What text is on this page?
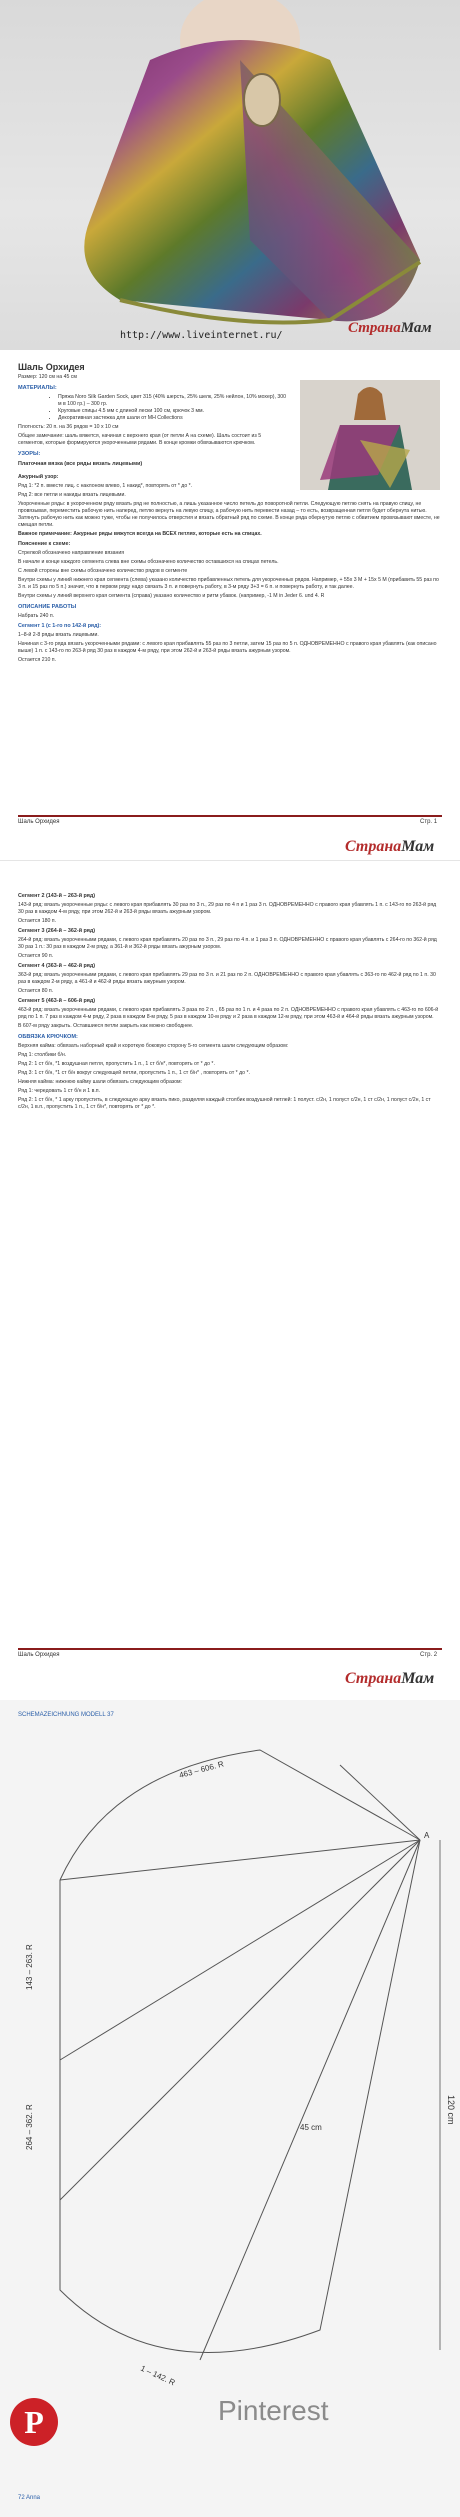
http://www.liveinternet.ru/	СтранаМам
Шаль Орхидея

Размер: 120 см на 45 см

МАТЕРИАЛЫ:
• Пряжа Noro Silk Garden Sock, цвет 315 (40% шерсть, 25% шелк, 25% нейлон, 10% мохер), 300 м в 100 гр.) – 300 гр.
• Круговые спицы 4.5 мм с длиной лески 100 см, крючок 3 мм.
• Декоративная застежка для шали от MH Collections

Плотность: 20 п. на 36 рядов = 10 х 10 см

Общее замечание: шаль вяжется, начиная с верхнего края (от петли А на схеме). Шаль состоит из 5 сегментов, которые формируются укороченными рядами. В конце кромки обвязываются крючком.

УЗОРЫ:
Платочная вязка (все ряды вязать лицевыми)
Ажурный узор:

Ряд 1: *2 п. вместе лиц. с наклоном влево, 1 накид*, повторять от * до *.

Ряд 2: все петли и накиды вязать лицевыми.

Укороченные ряды: в укороченном ряду вязать ряд не полностью, а лишь указанное число петель до поворотной петли. Следующую петлю снять на правую спицу, не провязывая, переместить рабочую нить наперед, петлю вернуть на левую спицу, а рабочую нить перевести назад – то есть, возвращенная петля будет обернута нитью. Затянуть рабочую нить как можно туже, чтобы не получилось отверстия и вязать обратный ряд по схеме. В конце ряда обернутую петлю с обвитием провязывают вместе, не смещая петли.

Важное примечание: Ажурные ряды вяжутся всегда на ВСЕХ петлях, которые есть на спицах.

Пояснение к схеме:

Стрелкой обозначено направление вязания

В начале и конце каждого сегмента слева вне схемы обозначено количество оставшихся на спицах петель.

С левой стороны вне схемы обозначено количество рядов в сегменте

Внутри схемы у линий нижнего края сегмента (слева) указано количество прибавленных петель для укороченных рядов. Например, + 55х 3 М + 15х 5 М (прибавить 55 раз по 3 п. и 15 раз по 5 п.) значит, что в первом ряду надо связать 3 п. и повернуть работу, в 3-м ряду 3+3 = 6 п. и повернуть работу, и так далее.

Внутри схемы у линий верхнего края сегмента (справа) указано количество и ритм убавок. (например, -1 М in Jeder 6. und 4. R

ОПИСАНИЕ РАБОТЫ

Набрать 240 п.

Сегмент 1 (с 1-го по 142-й ряд):

1–8-й 2-8 ряды вязать лицевыми.

Начиная с 3-го ряда вязать укороченными рядами: с левого края прибавлять 55 раз по 3 петли, затем 15 раз по 5 п. ОДНОВРЕМЕННО с правого края убавлять (как описано выше) 1 п. с 143-го по 263-й ряд 30 раз в каждом 4-м ряду, при этом 262-й и 263-й ряды вязать ажурным узором.

Остается 210 п.

Шаль Орхидея	Стр. 1
СтранаМам
Сегмент 2 (143-й – 263-й ряд)

143-й ряд: вязать укороченные ряды: с левого края прибавлять 30 раз по 3 п., 29 раз по 4 п и 1 раз 3 п. ОДНОВРЕМЕННО с правого края убавлять 1 п. с 143-го по 263-й ряд 30 раз в каждом 4-м ряду, при этом 262-й и 263-й ряды вязать ажурным узором.

Остается 180 п.

Сегмент 3 (264-й – 362-й ряд)

264-й ряд: вязать укороченными рядами, с левого края прибавлять 20 раз по 3 п., 29 раз по 4 п. и 1 раз 3 п. ОДНОВРЕМЕННО с правого края убавлять с 264-го по 362-й ряд 30 раз 1 п.: 30 раз в каждом 2-м ряду, а 361-й и 362-й ряды вязать ажурным узором.

Остается 90 п.

Сегмент 4 (363-й – 462-й ряд)

363-й ряд: вязать укороченными рядами, с левого края прибавлять 29 раз по 3 п. и 21 раз по 2 п. ОДНОВРЕМЕННО с правого края убавлять с 363-го по 462-й ряд по 1 п. 30 раз в каждом 2-м ряду, а 461-й и 462-й ряды вязать ажурным узором.

Остается 80 п.

Сегмент 5 (463-й – 606-й ряд)

463-й ряд: вязать укороченными рядами, с левого края прибавлять 3 раза по 2 п. , 65 раз по 1 п. и 4 раза по 2 п. ОДНОВРЕМЕННО с правого края убавлять с 463-го по 606-й ряд по 1 п. 7 раз в каждом 4-м ряду, 2 раза в каждом 8-м ряду, 5 раз в каждом 10-м ряду и 2 раза в каждом 12-м ряду, при этом 463-й и 464-й ряды вязать ажурным узором.

В 607-м ряду закрыть. Оставшиеся петли закрыть как можно свободнее.

ОБВЯЗКА КРЮЧКОМ:

Верхняя кайма: обвязать наборный край и короткую боковую сторону 5-го сегмента шали следующим образом:

Ряд 1: столбики б/н.

Ряд 2: 1 ст б/н, *1 воздушная петля, пропустить 1 п., 1 ст б/н*, повторять от * до *.

Ряд 3: 1 ст б/н, *1 ст б/н вокруг следующей петли, пропустить 1 п., 1 ст б/н* , повторять от * до *.

Нижняя кайма: нижнюю кайму шали обвязать следующим образом:

Ряд 1: чередовать 1 ст б/н и 1 в.п.

Ряд 2: 1 ст б/н, * 1 арку пропустить, в следующую арку вязать пико, разделяя каждый столбик воздушной петлей: 1 полуст. с/2н, 1 полуст с/2н, 1 ст с/2н, 1 полуст с/2н, 1 ст с/2н, 1 в.п., пропустить 1 п., 1 ст б/н*, повторять от * до *.

Шаль Орхидея	Стр. 2
СтранаМам
SCHEMAZEICHNUNG MODELL 37
120 cm
463 – 606. R
264 – 362. R
143 – 263. R
1 – 142. R
45 cm
A
72 Anna
P	Pinterest
